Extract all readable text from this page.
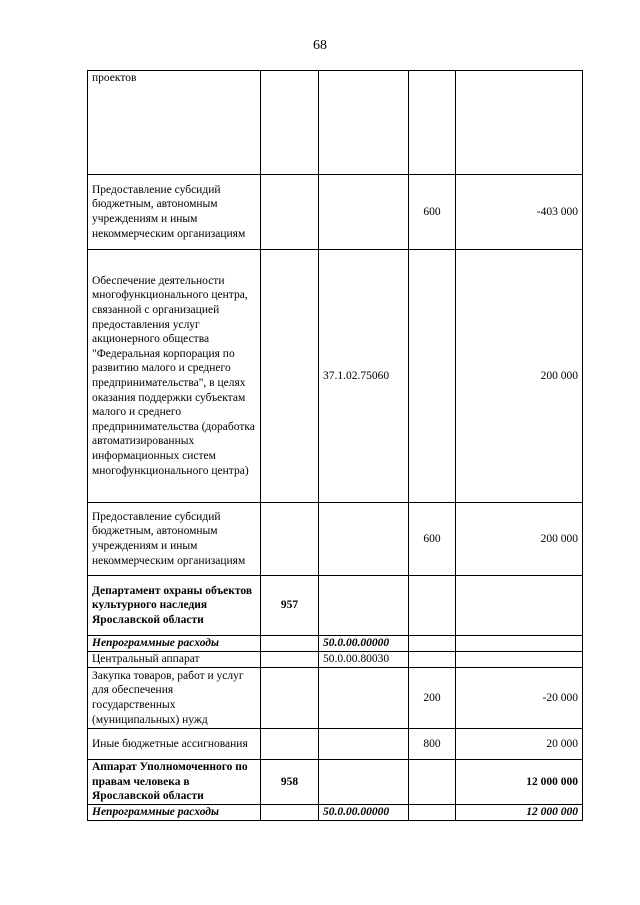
68
проектов				
Предоставление субсидий бюджетным, автономным учреждениям и иным некоммерческим организациям			600	-403 000
Обеспечение деятельности многофункционального центра, связанной с организацией предоставления услуг акционерного общества "Федеральная корпорация по развитию малого и среднего предпринимательства", в целях оказания поддержки субъектам малого и среднего предпринимательства (доработка автоматизированных информационных систем многофункционального центра)		37.1.02.75060		200 000
Предоставление субсидий бюджетным, автономным учреждениям и иным некоммерческим организациям			600	200 000
Департамент охраны объектов культурного наследия Ярославской области	957			
Непрограммные расходы		50.0.00.00000		
Центральный аппарат		50.0.00.80030		
Закупка товаров, работ и услуг для обеспечения государственных (муниципальных) нужд			200	-20 000
Иные бюджетные ассигнования			800	20 000
Аппарат Уполномоченного по правам человека в Ярославской области	958			12 000 000
Непрограммные расходы		50.0.00.00000		12 000 000
